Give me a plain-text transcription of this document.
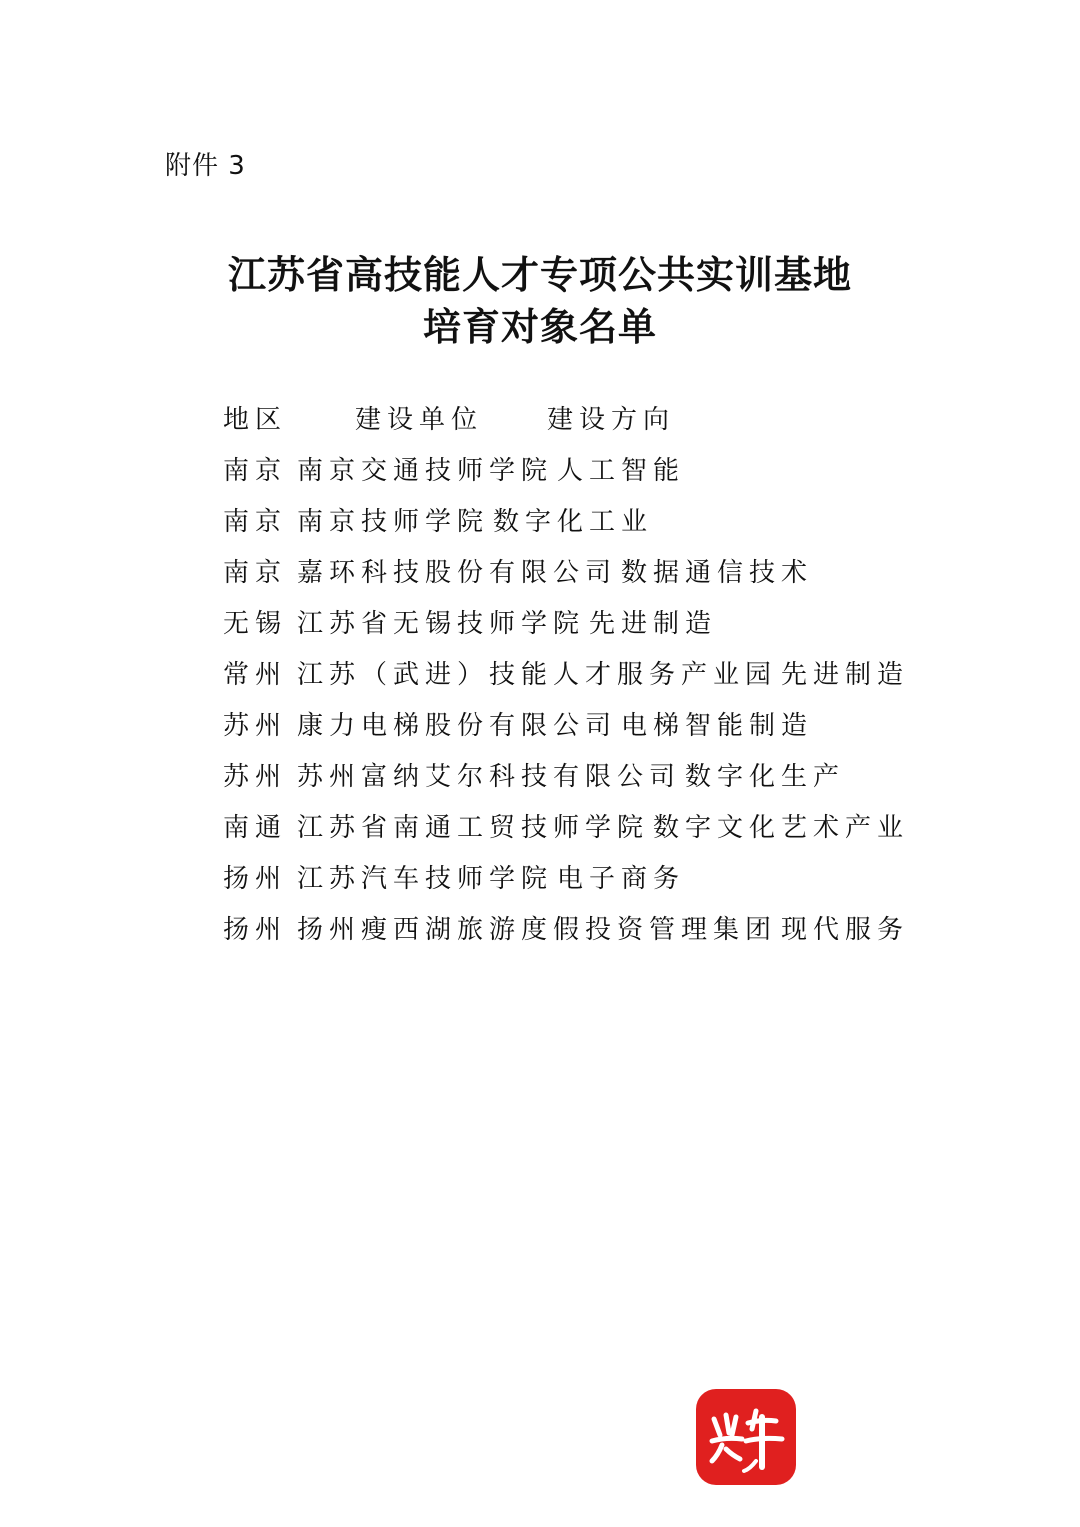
附件 3
江苏省高技能人才专项公共实训基地
培育对象名单
地区	建设单位 建设方向
南京 南京交通技师学院 人工智能
南京 南京技师学院 数字化工业
南京 嘉环科技股份有限公司 数据通信技术
无锡 江苏省无锡技师学院 先进制造
常州 江苏（武进）技能人才服务产业园 先进制造
苏州 康力电梯股份有限公司 电梯智能制造
苏州 苏州富纳艾尔科技有限公司 数字化生产
南通 江苏省南通工贸技师学院 数字文化艺术产业
扬州 江苏汽车技师学院 电子商务
扬州 扬州瘦西湖旅游度假投资管理集团 现代服务
